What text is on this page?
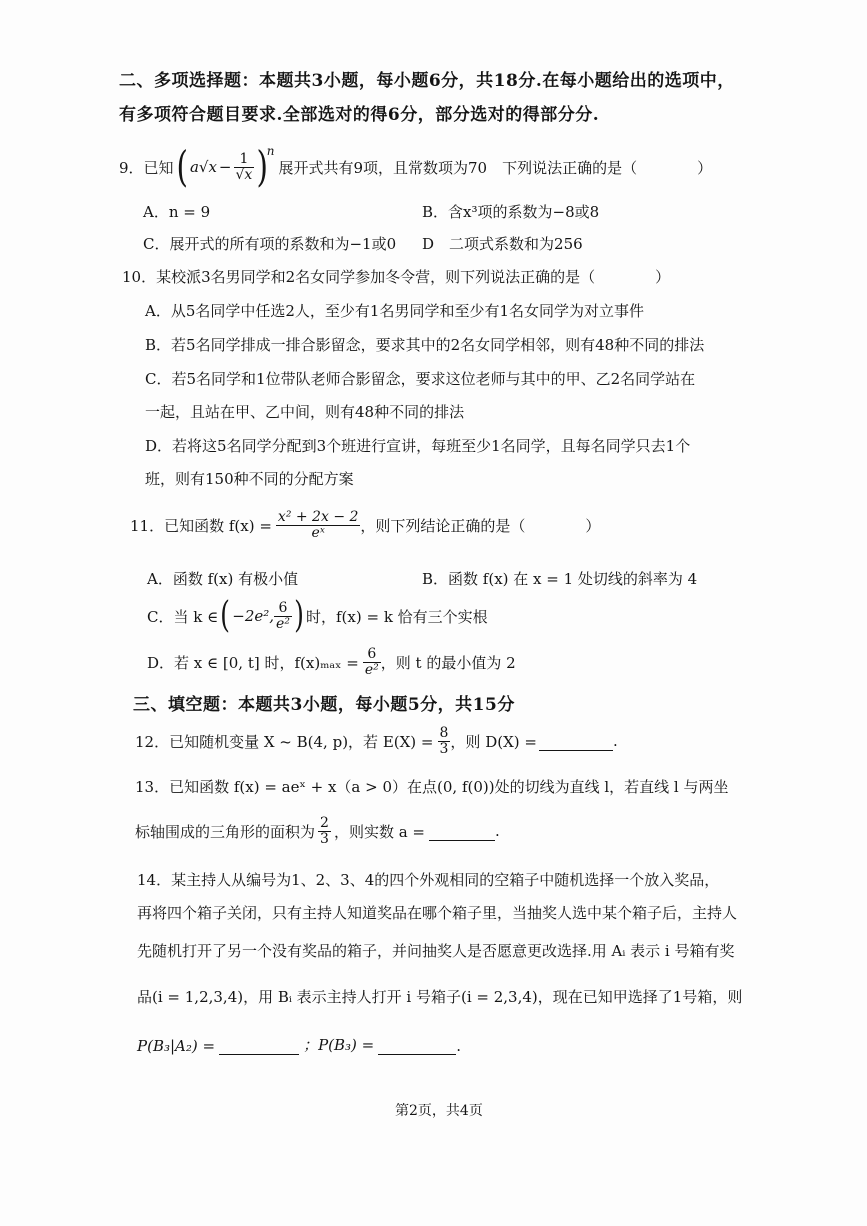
二、多项选择题：本题共3小题，每小题6分，共18分.在每小题给出的选项中，
有多项符合题目要求.全部选对的得6分，部分选对的得部分分.
9．已知 ( a $√x - \frac{1}{√x}$ )
n
展开式共有9项，且常数项为70　下列说法正确的是（　　　　）
A．n = 9	B．含x³项的系数为−8或8
C．展开式的所有项的系数和为−1或0 D　二项式系数和为256
10．某校派3名男同学和2名女同学参加冬令营，则下列说法正确的是（　　　　）
A．从5名同学中任选2人，至少有1名男同学和至少有1名女同学为对立事件
B．若5名同学排成一排合影留念，要求其中的2名女同学相邻，则有48种不同的排法
C．若5名同学和1位带队老师合影留念，要求这位老师与其中的甲、乙2名同学站在
一起，且站在甲、乙中间，则有48种不同的排法
D．若将这5名同学分配到3个班进行宣讲，每班至少1名同学，且每名同学只去1个
班，则有150种不同的分配方案
11．已知函数 $f(x) = \frac{\text{x² + 2x − 2}}{\text{eˣ}}$ ，则下列结论正确的是（　　　　）
A．函数 f(x) 有极小值	B．函数 f(x) 在 x = 1 处切线的斜率为 4
C．当 k ∈ ( −2e², $\frac{6}{\text{e²}}$ ) 时，f(x) = k 恰有三个实根
D．若 x ∈ [0, t] 时，$f(x)_{max} = \frac{6}{\text{e²}}$ ，则 t 的最小值为 2
三、填空题：本题共3小题，每小题5分，共15分
12．已知随机变量 X ~ B(4, p)，若 $E(X) = \frac{8}{3}$ ，则 D(X) =	.
13．已知函数 f(x) = aeˣ + x（a > 0）在点(0, f(0))处的切线为直线 l，若直线 l 与两坐
标轴围成的三角形的面积为 $\frac{2}{3}$ ，则实数 a =	.
14．某主持人从编号为1、2、3、4的四个外观相同的空箱子中随机选择一个放入奖品，
再将四个箱子关闭，只有主持人知道奖品在哪个箱子里，当抽奖人选中某个箱子后，主持人
先随机打开了另一个没有奖品的箱子，并问抽奖人是否愿意更改选择.用 Aᵢ 表示 i 号箱有奖
品(i = 1,2,3,4)，用 Bᵢ 表示主持人打开 i 号箱子(i = 2,3,4)，现在已知甲选择了1号箱，则
P(B₃|A₂) =	；P(B₃) =	.
第2页，共4页
